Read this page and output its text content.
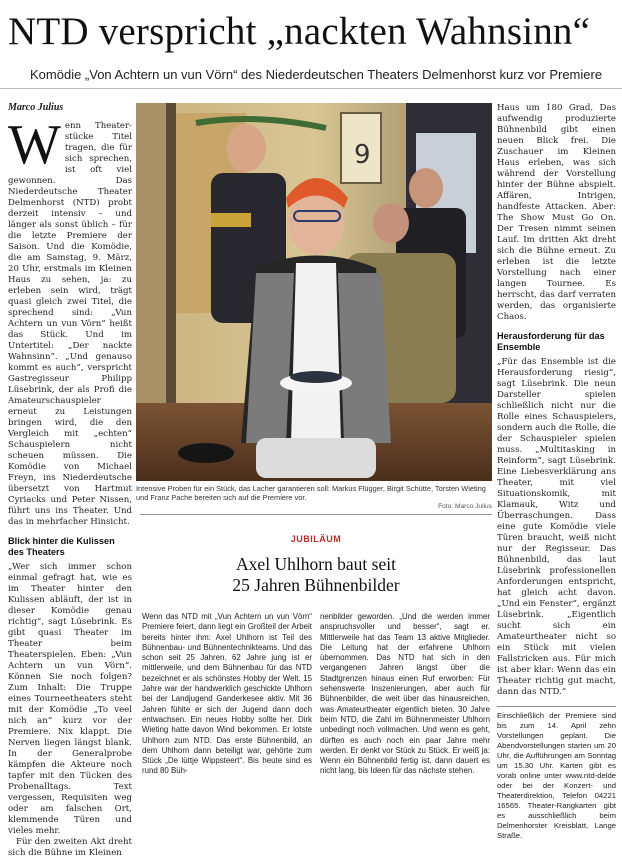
NTD verspricht „nackten Wahnsinn“
Komödie „Von Achtern un vun Vörn“ des Niederdeutschen Theaters Delmenhorst kurz vor Premiere
Marco Julius
Wenn Theater-stücke Titel tragen, die für sich sprechen, ist oft viel gewonnen. Das Niederdeutsche Theater Delmenhorst (NTD) probt derzeit intensiv – und länger als sonst üblich – für die letzte Premiere der Saison. Und die Komödie, die am Samstag, 9. März, 20 Uhr, erstmals im Kleinen Haus zu sehen, ja: zu erleben sein wird, trägt quasi gleich zwei Titel, die sprechend sind: „Vun Achtern un vun Vörn“ heißt das Stück. Und im Untertitel: „Der nackte Wahnsinn“. „Und genauso kommt es auch“, verspricht Gastregisseur Philipp Lüsebrink, der als Profi die Amateurschauspieler erneut zu Leistungen bringen wird, die den Vergleich mit „echten“ Schauspielern nicht scheuen müssen. Die Komödie von Michael Freyn, ins Niederdeutsche übersetzt von Hartmut Cyriacks und Peter Nissen, führt uns ins Theater. Und das in mehrfacher Hinsicht.
Blick hinter die Kulissen des Theaters
„Wer sich immer schon einmal gefragt hat, wie es im Theater hinter den Kulissen abläuft, der ist in dieser Komödie genau richtig“, sagt Lüsebrink. Es gibt quasi Theater im Theater beim Theaterspielen. Eben: „Vun Achtern un vun Vörn“. Können Sie noch folgen? Zum Inhalt: Die Truppe eines Tourneetheaters steht mit der Komödie „To veel nich an“ kurz vor der Premiere. Nix klappt. Die Nerven liegen längst blank. In der Generalprobe kämpfen die Akteure noch tapfer mit den Tücken des Probenalltags. Text vergessen, Requisiten weg oder am falschen Ort, klemmende Türen und vieles mehr.
Für den zweiten Akt dreht sich die Bühne im Kleinen
9
Intensive Proben für ein Stück, das Lacher garantieren soll: Markus Flügger, Birgit Schütte, Torsten Wieting und Franz Pache bereiten sich auf die Premiere vor.
Foto: Marco Julius
JUBILÄUM
Axel Uhlhorn baut seit
25 Jahren Bühnenbilder
Wenn das NTD mit „Vun Achtern un vun Vörn“ Premiere feiert, dann liegt ein Großteil der Arbeit bereits hinter ihm: Axel Uhlhorn ist Teil des Bühnenbau- und Bühnentechnikteams. Und das schon seit 25 Jahren. 62 Jahre jung ist er mittlerweile, und dem Bühnenbau für das NTD bezeichnet er als schönstes Hobby der Welt. 15 Jahre war der handwerklich geschickte Uhlhorn bei der Landjugend Ganderkesee aktiv. Mit 36 Jahren fühlte er sich der Jugend dann doch entwachsen. Ein neues Hobby sollte her. Dirk Wieting hatte davon Wind bekommen. Er lotste Uhlhorn zum NTD. Das erste Bühnenbild, an dem Uhlhorn dann beteiligt war, gehörte zum Stück „De lüttje Wippsteert“. Bis heute sind es rund 80 Büh-
nenbilder geworden. „Und die werden immer anspruchsvoller und besser“, sagt er. Mittlerweile hat das Team 13 aktive Mitglieder. Die Leitung hat der erfahrene Uhlhorn übernommen. Das NTD hat sich in den vergangenen Jahren längst über die Stadtgrenzen hinaus einen Ruf erworben: Für sehenswerte Inszenierungen, aber auch für Bühnenbilder, die weit über das hinausreichen, was Amateurtheater eigentlich bieten. 30 Jahre beim NTD, die Zahl im Bühnenmeister Uhlhorn unbedingt noch vollmachen. Und wenn es geht, dürften es auch noch ein paar Jahre mehr werden. Er denkt vor Stück zu Stück. Er weiß ja: Wenn ein Bühnenbild fertig ist, dann dauert es nicht lang, bis Ideen für das nächste stehen.
Haus um 180 Grad. Das aufwendig produzierte Bühnenbild gibt einen neuen Blick frei. Die Zuschauer im Kleinen Haus erleben, was sich während der Vorstellung hinter der Bühne abspielt. Affären, Intrigen, handfeste Attacken. Aber: The Show Must Go On. Der Tresen nimmt seinen Lauf. Im dritten Akt dreht sich die Bühne erneut. Zu erleben ist die letzte Vorstellung nach einer langen Tournee. Es herrscht, das darf verraten werden, das organisierte Chaos.
Herausforderung für das Ensemble
„Für das Ensemble ist die Herausforderung riesig“, sagt Lüsebrink. Die neun Darsteller spielen schließlich nicht nur die Rolle eines Schauspielers, sondern auch die Rolle, die der Schauspieler spielen muss. „Multitasking in Reinform“, sagt Lüsebrink. Eine Liebesverklärung ans Theater, mit viel Situationskomik, mit Klamauk, Witz und Überraschungen. Dass eine gute Komödie viele Türen braucht, weiß nicht nur der Regisseur. Das Bühnenbild, das laut Lüsebrink professionellen Anforderungen entspricht, hat gleich acht davon. „Und ein Fenster“, ergänzt Lüsebrink. „Eigentlich sucht sich ein Amateurtheater nicht so ein Stück mit vielen Fallstricken aus. Für mich ist aber klar: Wenn das ein Theater richtig gut macht, dann das NTD.“
Einschließlich der Premiere sind bis zum 14. April zehn Vorstellungen geplant. Die Abendvorstellungen starten um 20 Uhr, die Aufführungen am Sonntag um 15.30 Uhr. Karten gibt es vorab online unter www.ntd-delde oder bei der Konzert- und Theaterdirektion, Telefon 04221 16565. Theater-Rangkarten gibt es ausschließlich beim Delmenhorster Kreisblatt, Lange Straße.
